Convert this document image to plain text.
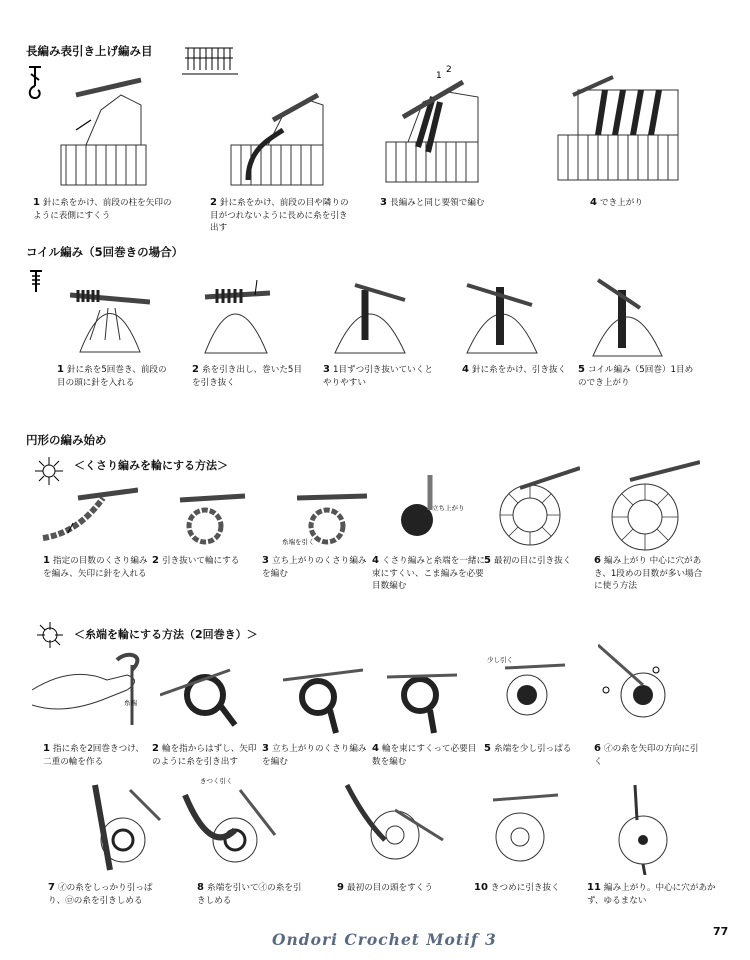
長編み表引き上げ編み目
1
2
1 針に糸をかけ、前段の柱を矢印のように表側にすくう
2 針に糸をかけ、前段の目や隣りの目がつれないように長めに糸を引き出す
3 長編みと同じ要領で編む	4 でき上がり
コイル編み（5回巻きの場合）
1 針に糸を5回巻き、前段の目の頭に針を入れる
2 糸を引き出し、巻いた5目を引き抜く
3 1目ずつ引き抜いていくとやりやすい
4 針に糸をかけ、引き抜く	5 コイル編み（5回巻）1目めのでき上がり
円形の編み始め
＜くさり編みを輪にする方法＞
糸端を引く
立ち上がり
1 指定の目数のくさり編みを編み、矢印に針を入れる
2 引き抜いて輪にする	3 立ち上がりのくさり編みを編む
4 くさり編みと糸端を一緒に束にすくい、こま編みを必要目数編む
5 最初の目に引き抜く	6 編み上がり 中心に穴があき、1段めの目数が多い場合に使う方法
＜糸端を輪にする方法（2回巻き）＞
糸端
少し引く
1 指に糸を2回巻きつけ、二重の輪を作る
2 輪を指からはずし、矢印のように糸を引き出す
3 立ち上がりのくさり編みを編む
4 輪を束にすくって必要目数を編む
5 糸端を少し引っぱる	6 ㋑の糸を矢印の方向に引く
きつく引く
7 ㋑の糸をしっかり引っぱり、㋺の糸を引きしめる
8 糸端を引いて㋑の糸を引きしめる
9 最初の目の頭をすくう	10 きつめに引き抜く	11 編み上がり。中心に穴があかず、ゆるまない
Ondori Crochet Motif 3	77
